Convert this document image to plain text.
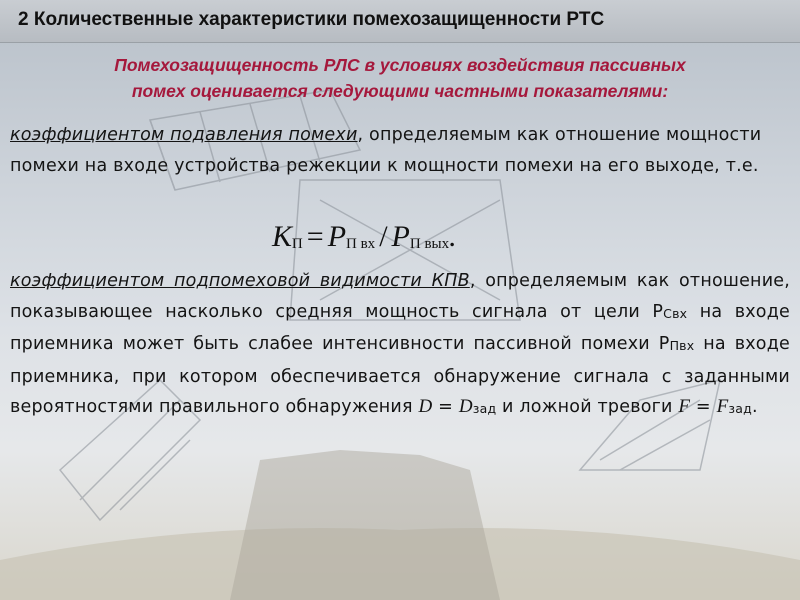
2 Количественные характеристики помехозащищенности РТС
Помехозащищенность РЛС в условиях воздействия пассивных
помех оценивается следующими частными показателями:
коэффициентом подавления помехи, определяемым как отношение мощности помехи на входе устройства режекции к мощности помехи на его выходе, т.е.
$К_П = Р_{П вх} / Р_{П вых}$.
коэффициентом подпомеховой видимости КПВ, определяемым как отношение, показывающее насколько средняя мощность сигнала от цели РСвх на входе приемника может быть слабее интенсивности пассивной помехи РПвх на входе приемника, при котором обеспечивается обнаружение сигнала с заданными вероятностями правильного обнаружения D = Dзад и ложной тревоги F = Fзад.
